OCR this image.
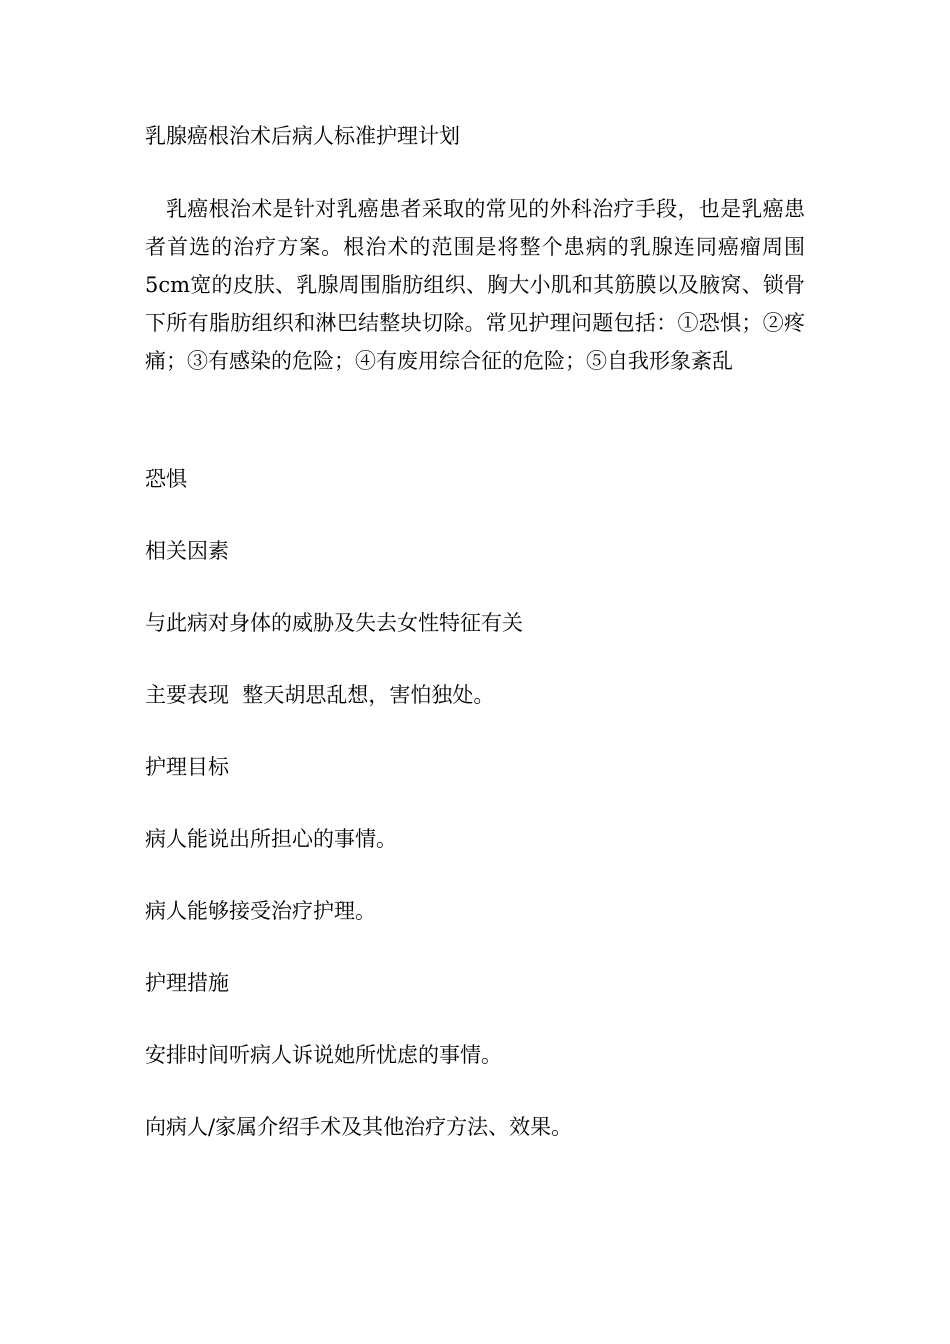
乳腺癌根治术后病人标准护理计划

乳癌根治术是针对乳癌患者采取的常见的外科治疗手段，也是乳癌患者首选的治疗方案。根治术的范围是将整个患病的乳腺连同癌瘤周围5cm宽的皮肤、乳腺周围脂肪组织、胸大小肌和其筋膜以及腋窝、锁骨下所有脂肪组织和淋巴结整块切除。常见护理问题包括：①恐惧；②疼痛；③有感染的危险；④有废用综合征的危险；⑤自我形象紊乱

恐惧
相关因素

与此病对身体的威胁及失去女性特征有关

主要表现  整天胡思乱想，害怕独处。

护理目标

病人能说出所担心的事情。

病人能够接受治疗护理。

护理措施

安排时间听病人诉说她所忧虑的事情。

向病人/家属介绍手术及其他治疗方法、效果。
